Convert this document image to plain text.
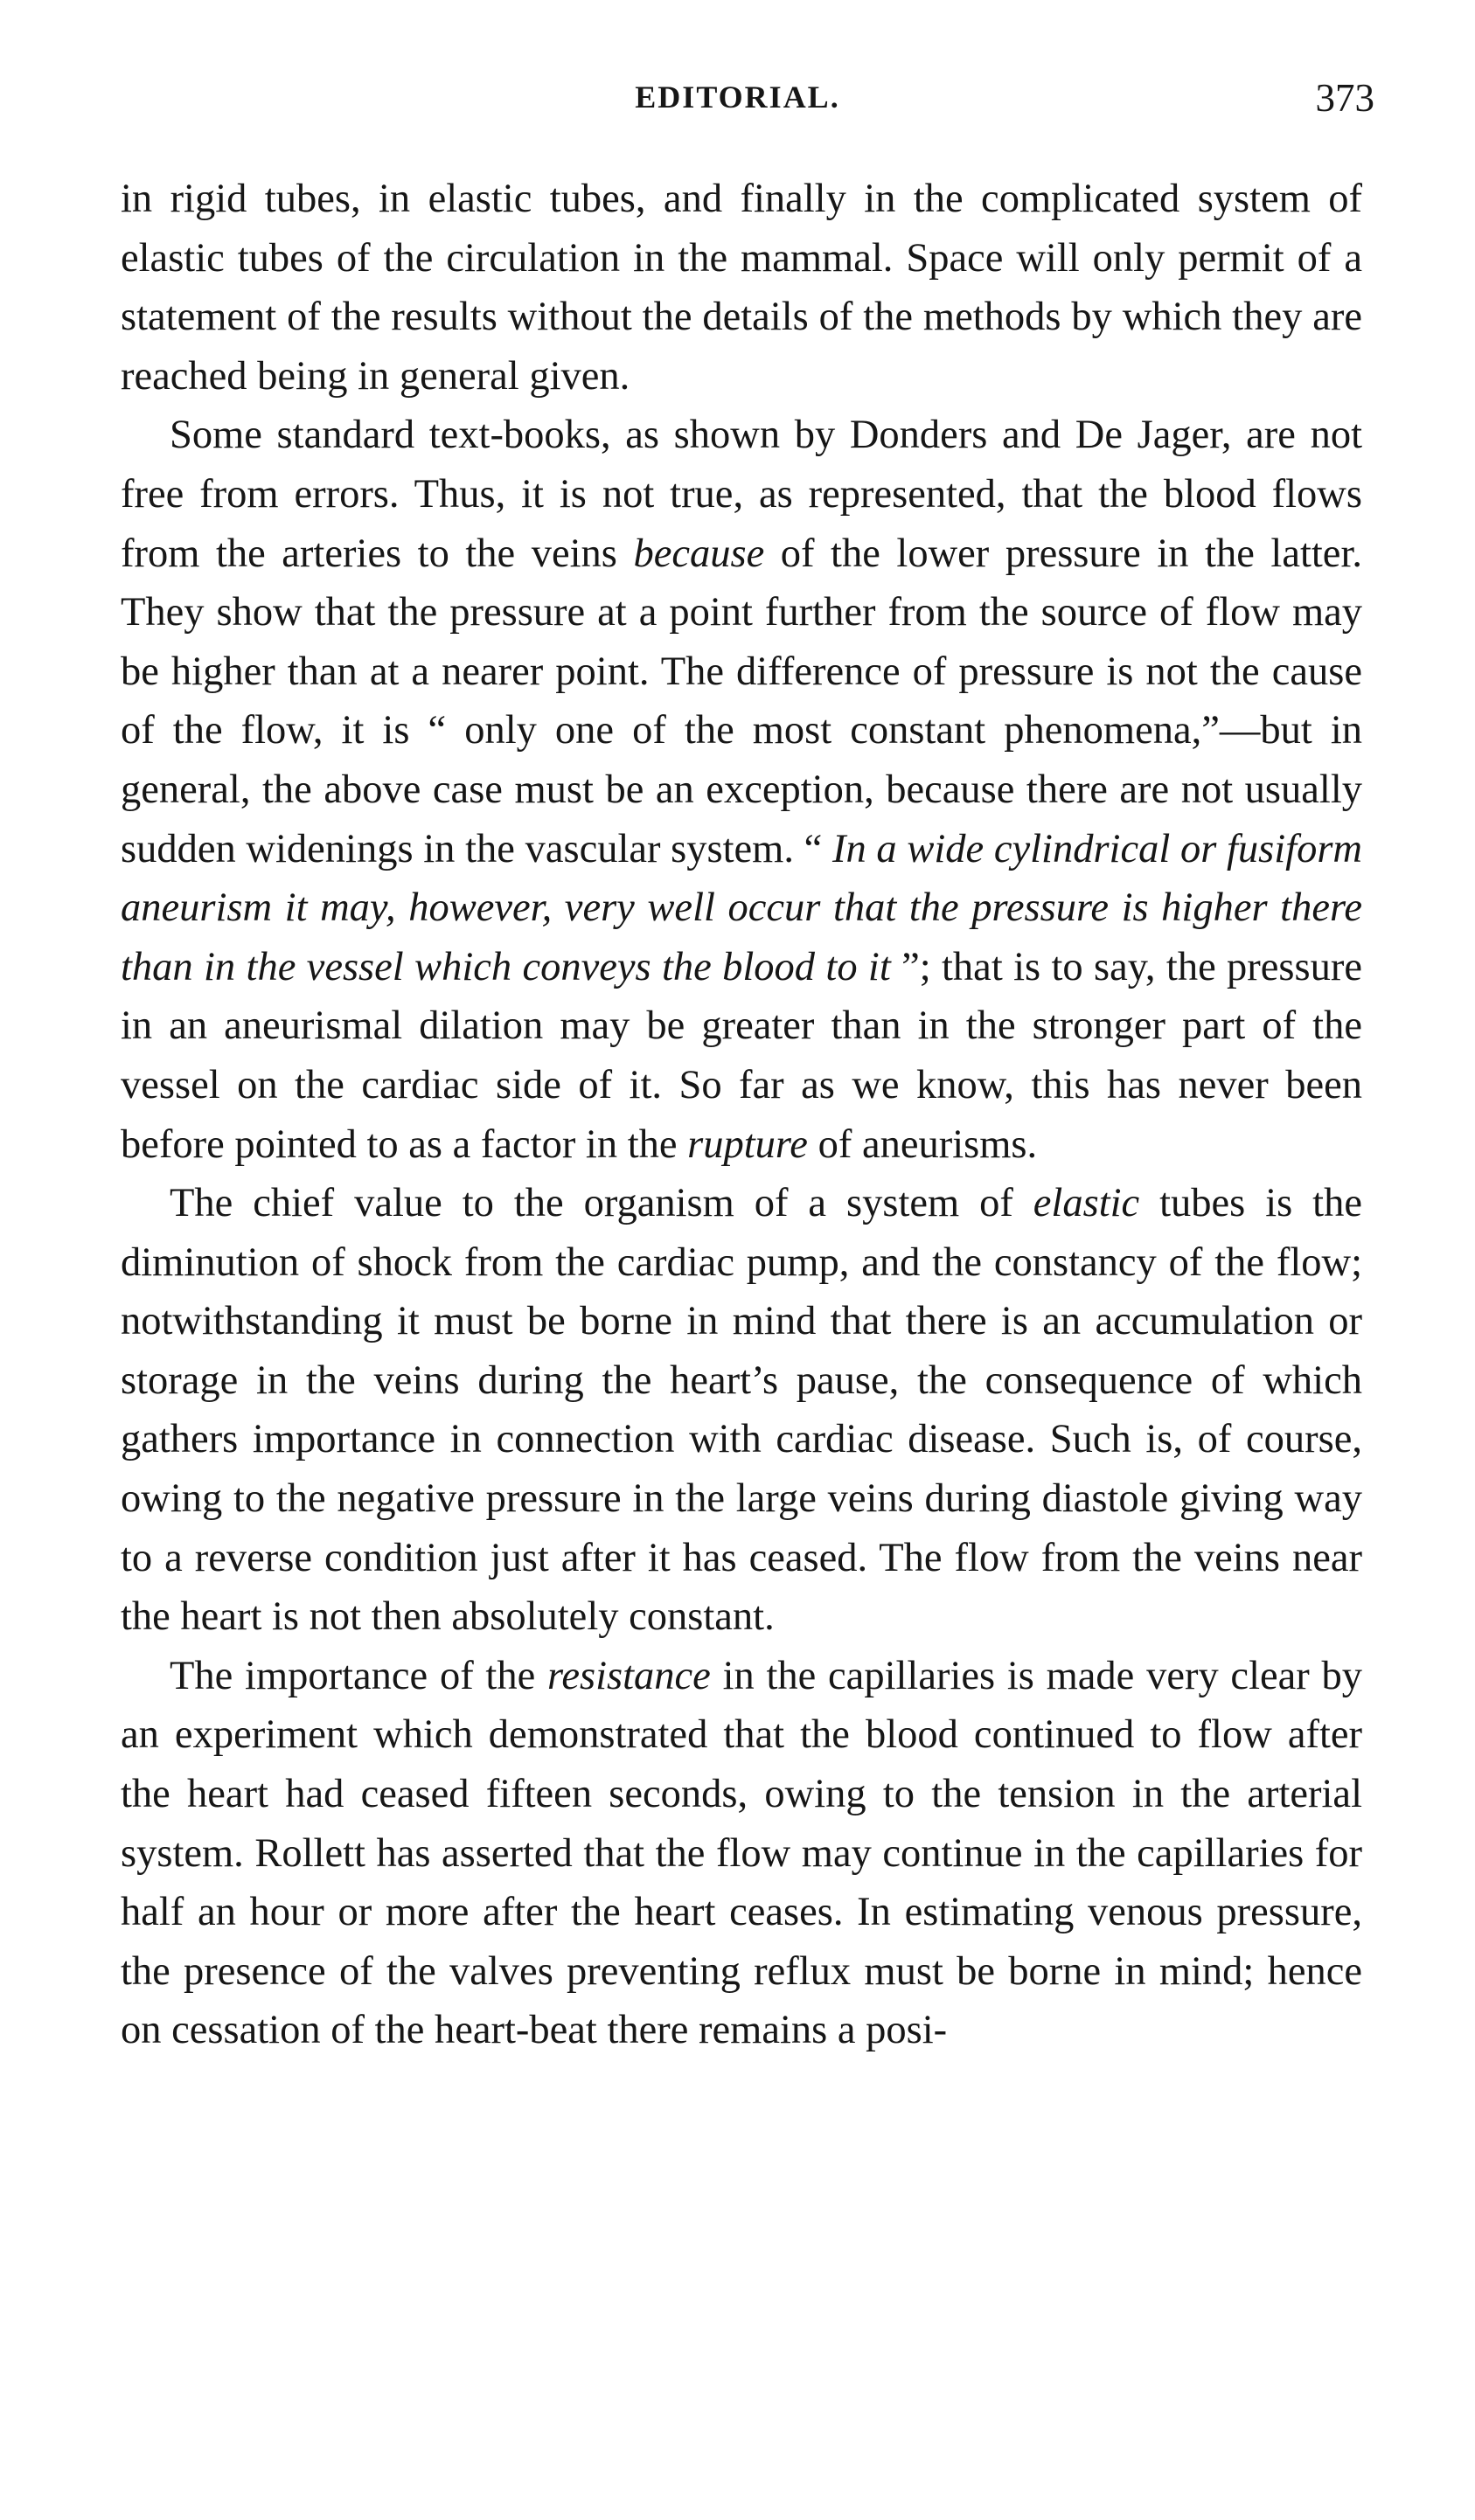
EDITORIAL.	373

in rigid tubes, in elastic tubes, and finally in the complicated system of elastic tubes of the circulation in the mammal. Space will only permit of a statement of the results without the details of the methods by which they are reached being in general given.

Some standard text-books, as shown by Donders and De Jager, are not free from errors. Thus, it is not true, as represented, that the blood flows from the arteries to the veins because of the lower pressure in the latter. They show that the pressure at a point further from the source of flow may be higher than at a nearer point. The difference of pressure is not the cause of the flow, it is “ only one of the most constant phenomena,”—but in general, the above case must be an exception, because there are not usually sudden widenings in the vascular system. “ In a wide cylindrical or fusiform aneurism it may, however, very well occur that the pressure is higher there than in the vessel which conveys the blood to it ”; that is to say, the pressure in an aneurismal dilation may be greater than in the stronger part of the vessel on the cardiac side of it. So far as we know, this has never been before pointed to as a factor in the rupture of aneurisms.

The chief value to the organism of a system of elastic tubes is the diminution of shock from the cardiac pump, and the constancy of the flow; notwithstanding it must be borne in mind that there is an accumulation or storage in the veins during the heart’s pause, the consequence of which gathers importance in connection with cardiac disease. Such is, of course, owing to the negative pressure in the large veins during diastole giving way to a reverse condition just after it has ceased. The flow from the veins near the heart is not then absolutely constant.

The importance of the resistance in the capillaries is made very clear by an experiment which demonstrated that the blood continued to flow after the heart had ceased fifteen seconds, owing to the tension in the arterial system. Rollett has asserted that the flow may continue in the capillaries for half an hour or more after the heart ceases. In estimating venous pressure, the presence of the valves preventing reflux must be borne in mind; hence on cessation of the heart-beat there remains a posi-
